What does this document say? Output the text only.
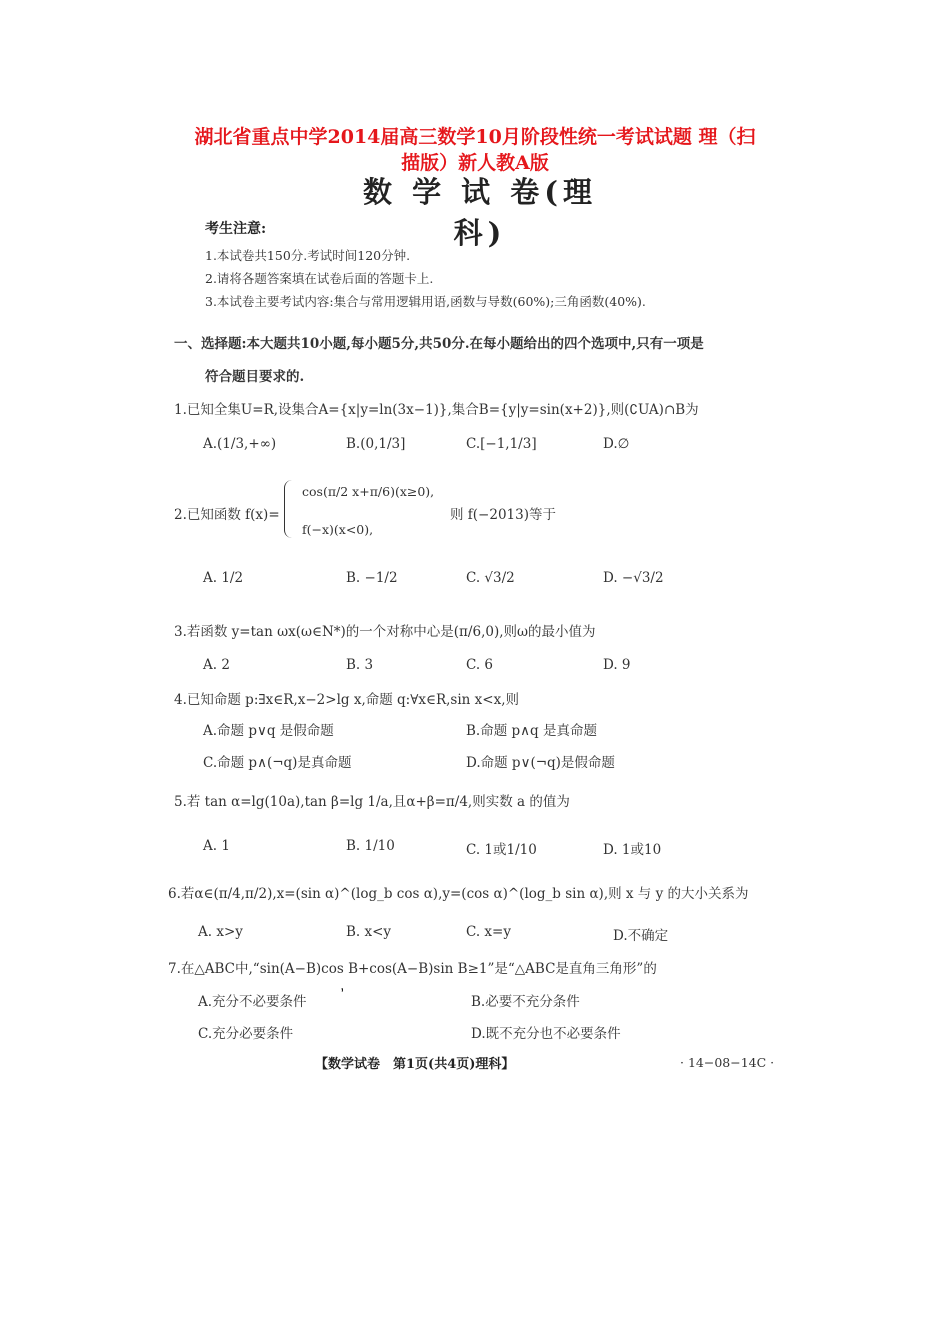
湖北省重点中学2014届高三数学10月阶段性统一考试试题 理（扫
描版）新人教A版
数 学 试 卷(理科)
考生注意:
1.本试卷共150分.考试时间120分钟.
2.请将各题答案填在试卷后面的答题卡上.
3.本试卷主要考试内容:集合与常用逻辑用语,函数与导数(60%);三角函数(40%).
一、选择题:本大题共10小题,每小题5分,共50分.在每小题给出的四个选项中,只有一项是
符合题目要求的.
1.已知全集U=R,设集合A={x|y=ln(3x−1)},集合B={y|y=sin(x+2)},则(∁UA)∩B为
A.(1/3,+∞)	B.(0,1/3]	C.[−1,1/3]	D.∅
2.已知函数 f(x)=
cos(π/2 x+π/6)(x≥0),
f(−x)(x<0),
则 f(−2013)等于
A. 1/2	B. −1/2	C. √3/2	D. −√3/2
3.若函数 y=tan ωx(ω∈N*)的一个对称中心是(π/6,0),则ω的最小值为
A. 2	B. 3	C. 6	D. 9
4.已知命题 p:∃x∈R,x−2>lg x,命题 q:∀x∈R,sin x<x,则
A.命题 p∨q 是假命题	B.命题 p∧q 是真命题
C.命题 p∧(¬q)是真命题	D.命题 p∨(¬q)是假命题
5.若 tan α=lg(10a),tan β=lg 1/a,且α+β=π/4,则实数 a 的值为
A. 1	B. 1/10	C. 1或1/10	D. 1或10
6.若α∈(π/4,π/2),x=(sin α)^(log_b cos α),y=(cos α)^(log_b sin α),则 x 与 y 的大小关系为
A. x>y	B. x<y	C. x=y	D.不确定
7.在△ABC中,“sin(A−B)cos B+cos(A−B)sin B≥1”是“△ABC是直角三角形”的
A.充分不必要条件	B.必要不充分条件
C.充分必要条件	D.既不充分也不必要条件
’
【数学试卷　第1页(共4页)理科】	· 14−08−14C ·
